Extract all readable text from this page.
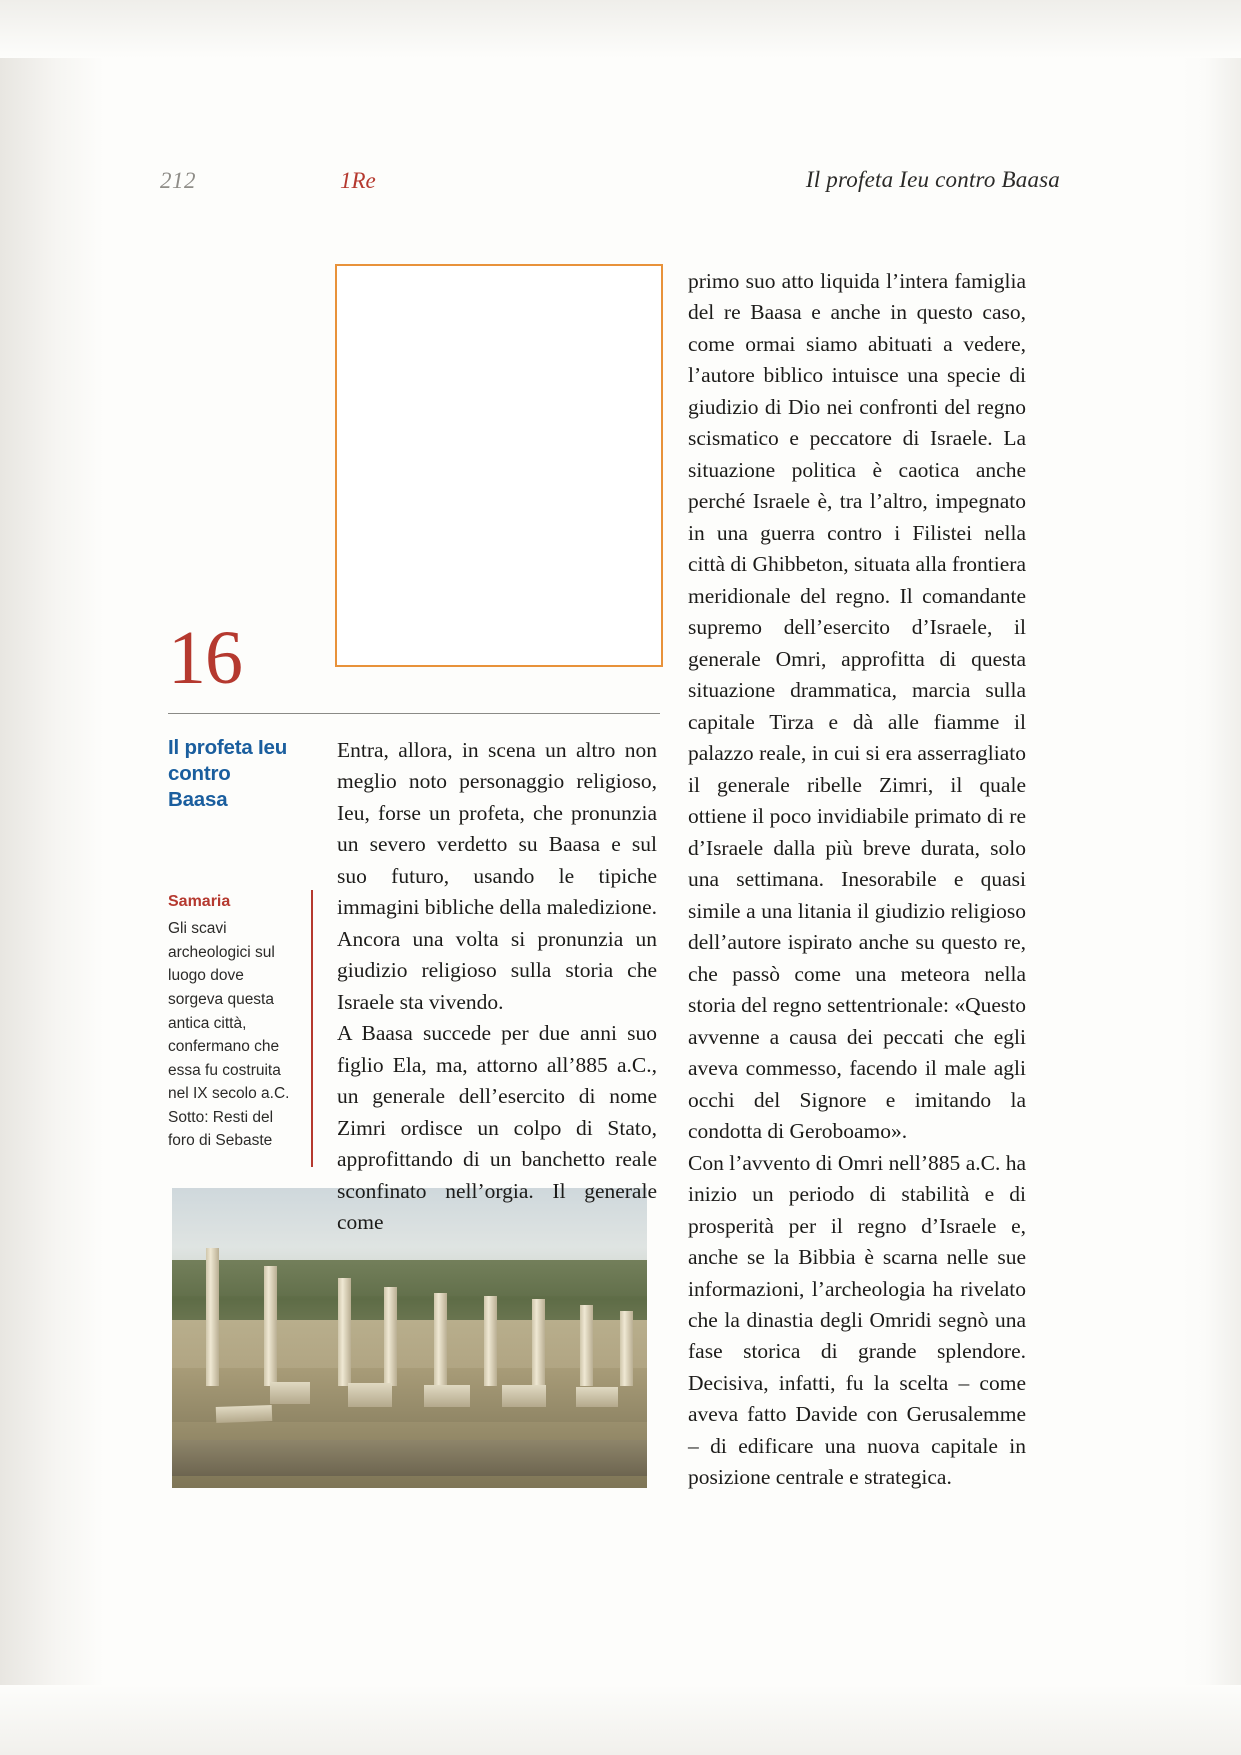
212	1Re	Il profeta Ieu contro Baasa
16
Il profeta Ieu contro Baasa
Samaria
Gli scavi archeologici sul luogo dove sorgeva questa antica città, confermano che essa fu costruita nel IX secolo a.C. Sotto: Resti del foro di Sebaste

Entra, allora, in scena un altro non meglio noto personaggio religioso, Ieu, forse un profeta, che pronunzia un severo verdetto su Baasa e sul suo futuro, usando le tipiche immagini bibliche della maledizione. Ancora una volta si pronunzia un giudizio religioso sulla storia che Israele sta vivendo.

A Baasa succede per due anni suo figlio Ela, ma, attorno all’885 a.C., un generale dell’esercito di nome Zimri ordisce un colpo di Stato, approfittando di un banchetto reale sconfinato nell’orgia. Il generale come

primo suo atto liquida l’intera famiglia del re Baasa e anche in questo caso, come ormai siamo abituati a vedere, l’autore biblico intuisce una specie di giudizio di Dio nei confronti del regno scismatico e peccatore di Israele. La situazione politica è caotica anche perché Israele è, tra l’altro, impegnato in una guerra contro i Filistei nella città di Ghibbeton, situata alla frontiera meridionale del regno. Il comandante supremo dell’esercito d’Israele, il generale Omri, approfitta di questa situazione drammatica, marcia sulla capitale Tirza e dà alle fiamme il palazzo reale, in cui si era asserragliato il generale ribelle Zimri, il quale ottiene il poco invidiabile primato di re d’Israele dalla più breve durata, solo una settimana. Inesorabile e quasi simile a una litania il giudizio religioso dell’autore ispirato anche su questo re, che passò come una meteora nella storia del regno settentrionale: «Questo avvenne a causa dei peccati che egli aveva commesso, facendo il male agli occhi del Signore e imitando la condotta di Geroboamo».

Con l’avvento di Omri nell’885 a.C. ha inizio un periodo di stabilità e di prosperità per il regno d’Israele e, anche se la Bibbia è scarna nelle sue informazioni, l’archeologia ha rivelato che la dinastia degli Omridi segnò una fase storica di grande splendore. Decisiva, infatti, fu la scelta – come aveva fatto Davide con Gerusalemme – di edificare una nuova capitale in posizione centrale e strategica.
